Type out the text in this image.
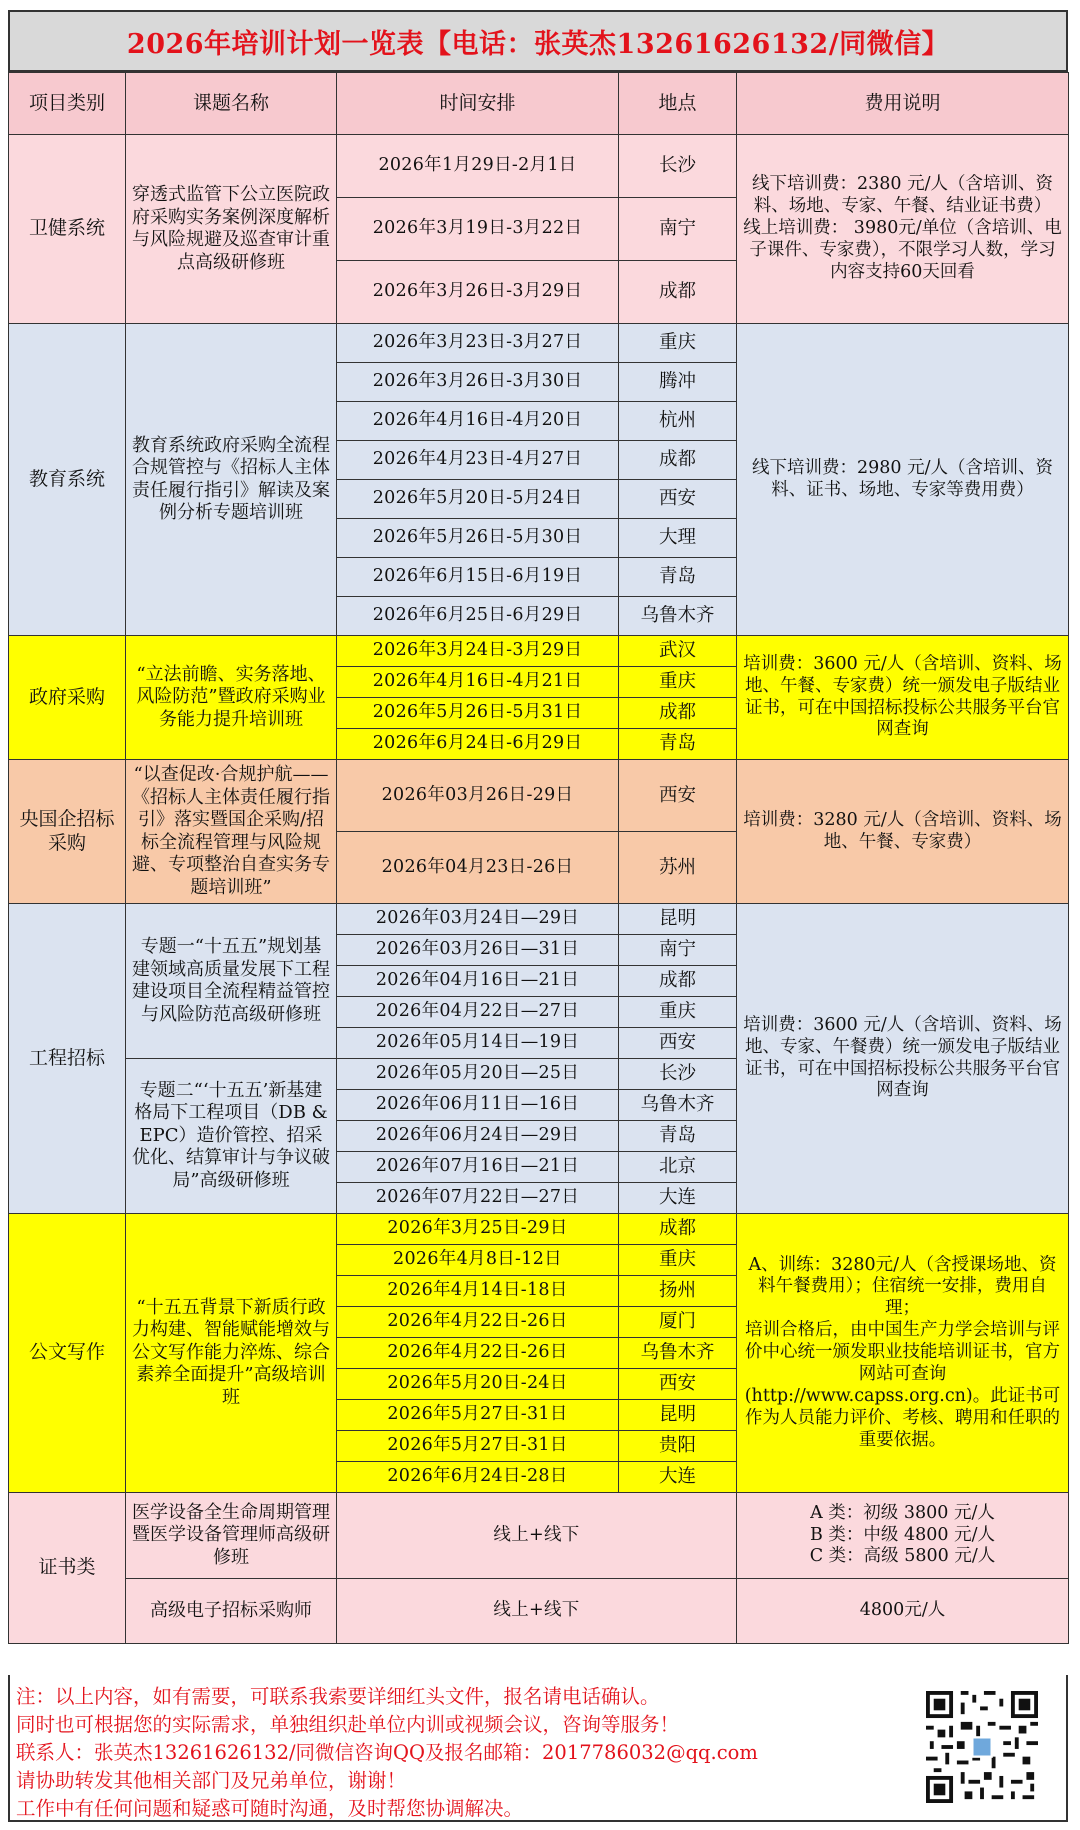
2026年培训计划一览表【电话：张英杰13261626132/同微信】
项目类别	课题名称	时间安排	地点	费用说明
卫健系统	穿透式监管下公立医院政府采购实务案例深度解析与风险规避及巡查审计重点高级研修班	2026年1月29日-2月1日	长沙	线下培训费：2380 元/人（含培训、资料、场地、专家、午餐、结业证书费）

线上培训费： 3980元/单位（含培训、电子课件、专家费），不限学习人数，学习内容支持60天回看

		2026年3月19日-3月22日	南宁	
		2026年3月26日-3月29日	成都	
教育系统	教育系统政府采购全流程合规管控与《招标人主体责任履行指引》解读及案例分析专题培训班	2026年3月23日-3月27日	重庆	线下培训费：2980 元/人（含培训、资料、证书、场地、专家等费用费）

		2026年3月26日-3月30日	腾冲	
		2026年4月16日-4月20日	杭州	
		2026年4月23日-4月27日	成都	
		2026年5月20日-5月24日	西安	
		2026年5月26日-5月30日	大理	
		2026年6月15日-6月19日	青岛	
		2026年6月25日-6月29日	乌鲁木齐	
政府采购	“立法前瞻、实务落地、风险防范”暨政府采购业务能力提升培训班	2026年3月24日-3月29日	武汉	培训费：3600 元/人（含培训、资料、场地、午餐、专家费）统一颁发电子版结业证书，可在中国招标投标公共服务平台官网查询

		2026年4月16日-4月21日	重庆	
		2026年5月26日-5月31日	成都	
		2026年6月24日-6月29日	青岛	
央国企招标采购	“以查促改·合规护航——《招标人主体责任履行指引》落实暨国企采购/招标全流程管理与风险规避、专项整治自查实务专题培训班”	2026年03月26日-29日	西安	培训费：3280 元/人（含培训、资料、场地、午餐、专家费）

		2026年04月23日-26日	苏州	
工程招标	专题一“十五五”规划基建领域高质量发展下工程建设项目全流程精益管控与风险防范高级研修班	2026年03月24日—29日	昆明	培训费：3600 元/人（含培训、资料、场地、专家、午餐费）统一颁发电子版结业证书，可在中国招标投标公共服务平台官网查询

		2026年03月26日—31日	南宁	
		2026年04月16日—21日	成都	
		2026年04月22日—27日	重庆	
		2026年05月14日—19日	西安	
	专题二“‘十五五’新基建格局下工程项目（DB & EPC）造价管控、招采优化、结算审计与争议破局”高级研修班	2026年05月20日—25日	长沙	
		2026年06月11日—16日	乌鲁木齐	
		2026年06月24日—29日	青岛	
		2026年07月16日—21日	北京	
		2026年07月22日—27日	大连	
公文写作	“十五五背景下新质行政力构建、智能赋能增效与公文写作能力淬炼、综合素养全面提升”高级培训班	2026年3月25日-29日	成都	A、训练：3280元/人（含授课场地、资料午餐费用）；住宿统一安排，费用自理；

培训合格后，由中国生产力学会培训与评价中心统一颁发职业技能培训证书，官方网站可查询(http://www.capss.org.cn)。此证书可作为人员能力评价、考核、聘用和任职的重要依据。

		2026年4月8日-12日	重庆	
		2026年4月14日-18日	扬州	
		2026年4月22日-26日	厦门	
		2026年4月22日-26日	乌鲁木齐	
		2026年5月20日-24日	西安	
		2026年5月27日-31日	昆明	
		2026年5月27日-31日	贵阳	
		2026年6月24日-28日	大连	
证书类	医学设备全生命周期管理暨医学设备管理师高级研修班	线上+线下		A 类：初级 3800 元/人

B 类：中级 4800 元/人

C 类：高级 5800 元/人

	高级电子招标采购师	线上+线下		4800元/人

注：以上内容，如有需要，可联系我索要详细红头文件，报名请电话确认。
同时也可根据您的实际需求，单独组织赴单位内训或视频会议，咨询等服务！
联系人：张英杰13261626132/同微信咨询QQ及报名邮箱：2017786032@qq.com
请协助转发其他相关部门及兄弟单位，谢谢！
工作中有任何问题和疑惑可随时沟通，及时帮您协调解决。
